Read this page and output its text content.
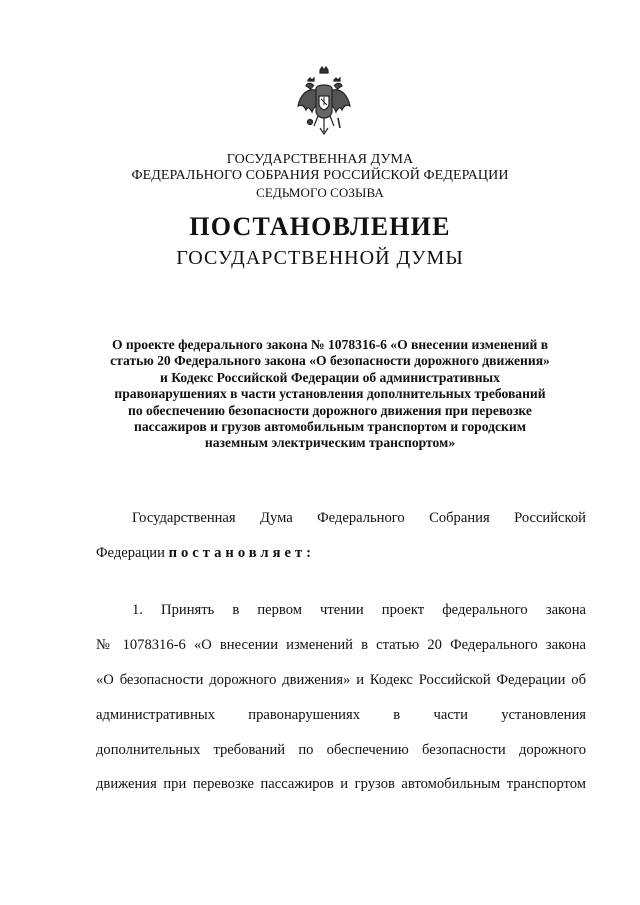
ГОСУДАРСТВЕННАЯ ДУМА
ФЕДЕРАЛЬНОГО СОБРАНИЯ РОССИЙСКОЙ ФЕДЕРАЦИИ
СЕДЬМОГО СОЗЫВА
ПОСТАНОВЛЕНИЕ
ГОСУДАРСТВЕННОЙ ДУМЫ
О проекте федерального закона № 1078316-6 «О внесении изменений в
статью 20 Федерального закона «О безопасности дорожного движения»
и Кодекс Российской Федерации об административных
правонарушениях в части установления дополнительных требований
по обеспечению безопасности дорожного движения при перевозке
пассажиров и грузов автомобильным транспортом и городским
наземным электрическим транспортом»
Государственная Дума Федерального Собрания Российской
Федерации постановляет:
1. Принять в первом чтении проект федерального закона
№ 1078316-6 «О внесении изменений в статью 20 Федерального закона
«О безопасности дорожного движения» и Кодекс Российской Федерации об
административных правонарушениях в части установления
дополнительных требований по обеспечению безопасности дорожного
движения при перевозке пассажиров и грузов автомобильным транспортом
